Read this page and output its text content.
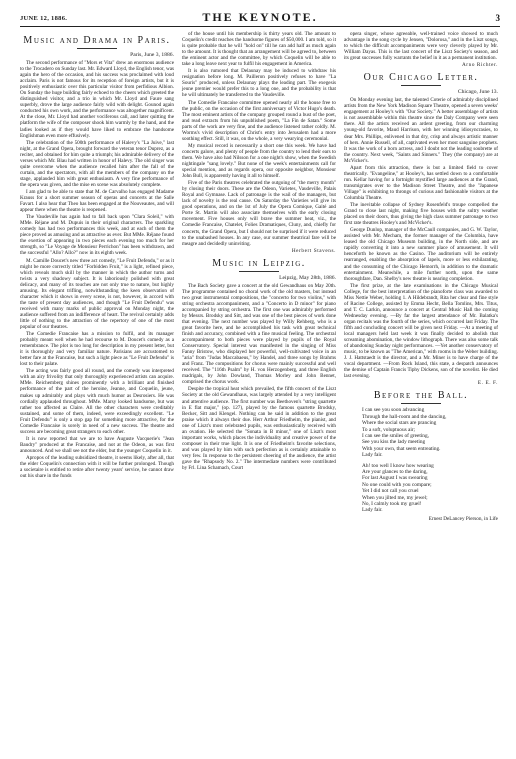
JUNE 12, 1886.	THE KEYNOTE.	3
Music and Drama in Paris.
Paris, June 3, 1886.

The second performance of "Mors et Vita" drew an enormous audience to the Trocadero on Sunday last. Mr. Edward Lloyd, the English tenor, was again the hero of the occasion, and his success was proclaimed with loud acclaim. Paris is not famous for its reception of foreign artists, but it is positively enthusiastic over this particular visitor from perfidious Albion. On Sunday the huge building fairly echoed to the cheers which greeted the distinguished visitor, and a trio in which Mr. Lloyd and Faure sang superbly, drove the large audience fairly wild with delight. Gounod again conducted his own work, and the performance was altogether magnificent. At the close, Mr. Lloyd had another vociferous call, and later quitting the platform the wife of the composer shook him warmly by the hand, and the ladies looked as if they would have liked to embrace the handsome Englishman even more effusively.

The celebration of the 500th performance of Halevy's "La Juive," last night, at the Grand Opera, brought forward the veteran tenor Duprez, as a reciter, and obtained for him quite a triumph; his admirable delivery of the verses which Mr. Blau had written in honor of Halevy. The old singer was quite overcome when the audience recalled him after the fall of the curtain, and the spectators, with all the members of the company on the stage, applauded him with great enthusiasm. A very fine performance of the opera was given, and the mise en scene was absolutely complete.

I am glad to be able to state that M. de Carvalho has engaged Madame Krauss for a short summer season of operas and concerts at the Salle Favart. I also hear that Theo has been engaged at the Nouveautes, and will appear there when the theatre is reopened.

The Vaudeville has again had to fall back upon "Clara Soleil," with MMe. Réjane and M. Dupuis in their original characters. The sparkling comedy has had two performances this week, and at each of them the piece proved as amusing and as attractive as ever. But MMe. Réjane found the exertion of appearing in two pieces each evening too much for her strength, so "Le Voyage de Monsieur Perrichon" has been withdrawn, and the successful "Allo? Allo?" now in its eighth week.

M. Camille Doucet's new three act comedy, "Le Fruit Defendu," or as it might be more correctly titled "Forbidden Fruit," is a light, refined piece, which reveals much skill by the manner in which the author turns and twists a very shadowy subject. It is laboriously polished with great delicacy, and many of its touches are not only true to nature, but highly amusing. Its elegant trifling, notwithstanding the keen observation of character which it shows in every scene, is not, however, in accord with the taste of present day audiences, and though "Le Fruit Defendu" was received with many marks of public approval on Monday night, the audience suffered from an indifference of heart. The revival certainly adds little of nothing to the attraction of the repertory of one of the most popular of our theatres.

The Comedie Francaise has a mission to fulfil, and its manager probably meant well when he had recourse to M. Doucet's comedy as a remembrance. The plot is too long for description in my present letter, but it is thoroughly and very familiar nature. Parisians are accustomed to better fare at the Francaise, but such a light piece as "Le Fruit Defendu" is lost to their palate.

The acting was fairly good all round, and the comedy was interpreted with an airy frivolity that only thoroughly experienced artists can acquire. MMe. Reichemberg shines prominently with a brilliant and finished performance of the part of the heroine, Jeanne, and Coquelin, jeune, makes up admirably and plays with much humor as Desrosiers. He was cordially applauded throughout. MMe. Marsy looked handsome, but was rather too affected as Claire. All the other characters were creditably sustained, and some of them, indeed, were exceedingly excellent. "Le Fruit Defendu" is only a stop gap for something more attractive, for the Comedie Francaise is sorely in need of a new success. The theatre and success are becoming great strangers to each other.

It is now reported that we are to have Auguste Vacquerie's "Jean Baudry" produced at the Francaise, and not at the Odeon, as was first announced. And we shall see not the elder, but the younger Coquelin in it.

Apropos of the leading subsidized theatre, it seems likely, after all, that the elder Coquelin's connection with it will be further prolonged. Though a societaire is entitled to retire after twenty years' service, he cannot draw out his share in the funds

of the house until his membership is thirty years old. The amount to Coquelin's credit reaches the handsome figures of $50,000. I am told, so it is quite probable that he will "hold on" till he can add half as much again to the amount. It is thought that an arrangement will be agreed to, between the eminent actor and the committee, by which Coquelin will be able to take a long leave next year to fulfil his engagement in America.

It is also rumored that Delaunay may be induced to withdraw his resignation before long. M. Pailleron positively refuses to have "La Souris" produced, unless Delaunay plays the leading part. The exegesis jeune premier would prefer this to a long one, and the probability is that he will ultimately be transferred to the Vaudeville.

The Comedie Francaise committee opened nearly all the house free to the public, on the occasion of the first anniversary of Victor Hugo's death. The most eminent artists of the company grouped round a bust of the poet, and read extracts from his unpublished poem, "La Fin de Satan." Some parts of the work are very fine, and the audience listened rather coldly. M. Worms's vivid description of Christ's entry into Jerusalem had a more soothing effect. Still, it was, on the whole, a very wearying ceremonial.

My musical record is necessarily a short one this week. We have had concerts galore, and plenty of people from the country to lend their ears to them. We have also had Nilsson for a one night's show, when the Swedish nightingale "sang lovely." But none of the week's entertainments call for special mention, and as regards opera, our opposite neighbor, Monsieur John Bull, is apparently having it all to himself.

Five of the Paris theatres celebrated the outgoing of "the merry month" by closing their doors. These are the Odeon, Varietes, Vaudeville, Palais Royal and Gymnase. Lack of patronage is the wail of the managers, but lack of novelty is the real cause. On Saturday the Varieties will give its good operations, and on the 1st of July the Opera Comique, Gaité and Porte St. Martin will also associate themselves with the early closing movement. Five houses only will brave the summer heat, viz., the Comedie Francaise, Chatelet, Folies Dramatiques, Cluny, and, chiefly for concerts, the Grand Opera, but I should not be surprised if it were reduced to the unabashed houses. In any case, our summer theatrical fare will be meagre and decidedly uninviting.

Herbert Stavens.
Music in Leipzig.
Leipzig, May 28th, 1886.

The Bach Society gave a concert at the old Gewandhaus on May 20th. The programme contained no choral work of the old masters, but instead two great instrumental compositions, the "concerto for two violins," with string orchestra accompaniment, and a "Concerto in D minor" for piano accompanied by string orchestra. The first one was admirably performed by Messrs. Brodsky and Sitt, and was one of the best pieces of work done that evening. The next number was played by Willy Rehberg, who is a great favorite here, and he accomplished his task with great technical finish and accuracy, combined with a fine musical feeling. The orchestral accompaniment to both pieces were played by pupils of the Royal Conservatory. Special interest was manifested in the singing of Miss Fanny Bristow, who displayed her powerful, well-cultivated voice in an "aria" from "Judas Maccabaeus," by Handel, and three songs by Brahms and Franz. The compositions for chorus were mainly successful and well received. The "116th Psalm" by H. von Herzogenberg, and three English madrigals, by John Dowland, Thomas Morley and John Bennet, comprised the chorus work.

Despite the tropical heat which prevailed, the fifth concert of the Liszt Society at the old Gewandhaus, was largely attended by a very intelligent and attentive audience. The first number was Beethoven's "string quartette in E flat major," (op. 127), played by the famous quartette Brodsky, Becker, Sitt and Klengel. Nothing can be said in addition to the great praise which it always their due. Herr Arthur Friedheim, the pianist, and one of Liszt's most celebrated pupils, was enthusiastically received with an ovation. He selected the "Sonata in B minor," one of Liszt's most important works, which places the individuality and creative power of the composer in their true light. It is one of Friedheim's favorite selections, and was played by him with such perfection as is certainly attainable to very few. In response to the persistent cheering of the audience, the artist gave the "Rhapsody No. 2." The intermediate numbers were contributed by Frl. Lina Schamach, Court

opera singer, whose agreeable, well-trained voice showed to much advantage in the song cycle by Jensen, "Dolorosa," and in the Liszt songs, to which the difficult accompaniments were very cleverly played by Mr. William Dayas. This is the last concert of the Liszt Society's season, and its great successes fully warrants the belief in it as a permanent institution.

Arno Richter.
Our Chicago Letter.
Chicago, June 13.

On Monday evening last, the talented Coterie of admirably disciplined artists from the New York Madison Square Theatre, opened a seven weeks' engagement at Hooley's with "Our Society." A better assemblage of artists is not assemblable within this theatre since the Daly Company were seen there. All the artists received an ardent greeting, from our charming young-old favorite, Maud Harrison, with her winning idiosyncrasies, to dear Mrs. Phillips, enlivened in that dry, crisp and always artistic manner of hers. Annie Russell, of all, captivated even her most sanguine prophets. It was the work of a born actress, and I doubt not the leading soubrette of the country. Next week, "Saints and Sinners." They (the company) are at McVicker's.

Apart from this attraction, there is but a limited field to cover theatrically. "Evangeline," at Hooley's, has settled down to a comfortable run. Kellar having for a fortnight mystified large audiences at the Grand, transmigrates over to the Madison Street Theatre, and the "Japanese Village" is exhibiting to throngs of curious and fashionable visitors at the Columbia Theatre.

The inevitable collapse of Sydney Rosenfeld's troupe compelled the Grand to close last night, making five houses with the sultry weather placed on their doors, thus giving the high class summer patronage to two first rate theatres Hooley's and McVicker's.

George Dunlop, manager of the McCaull companies, and G. W. Taylor, assisted with Mr. Mecham, the former manager of the Columbia, have leased the old Chicago Museum building, in the North side, and are rapidly converting it into a new summer place of amusement. It will henceforth be known as the Casino. The auditorium will be entirely rearranged, enabling the absorption of lapels, more or less exhilarating, and the consuming of the Chicago Hemorrh, in addition to the dramatic entertainment. Meanwhile, a mile further north, upon the same thoroughfare, Dan. Shelby's new theatre is nearing completion.

The first prize, at the late examinations in the Chicago Musical College, for the best interpretation of the pianoforte class was awarded to Miss Nettie Weber, holding 1. A Hildebrandt, Rita her clear and fine style of Racine College, assisted by Emma Hecht, Bella Tomlins, Mrs. Titus, and T. C. Larkin, announce a concert at Central Music Hall the coming Wednesday evening. —By far the largest attendance of Mr. Balatka's organ recitals was the fourth of the series, which occurred last Friday. The fifth and concluding concert will be given next Friday. —At a meeting of local managers held last week it was finally decided to abolish that screaming abomination, the window lithograph. There was also some talk of abandoning Sunday night performances. —Yet another conservatory of music, to be known as "The American," with rooms in the Weber building. J. J. Hattstaedt is the director, and a Mr. Miner is to have charge of the vocal department. —From Rock Island, this state, a despatch announces the demise of Captain Francis Tiphy Dickens, son of the novelist. He died last evening.

E. E. F.
Before the Ball.
I can see you soon advancing
Through the hall-room and the dancing,
Where the social stars are prancing
To a soft, voluptuous air;
I can see the smiles of greeting,
See you kiss the lady meeting
With your own, that seem entreating.
Lady fair.
Ah! too well I know how wearing
Are your glances to the daring,
For last August I was swearing
No one could with you compare;
Yet I did not call you cruel
When you jilted me, my jewel;
No, I calmly took my gruel!
Lady fair.
Ernest DeLancey Pierson, in Life
